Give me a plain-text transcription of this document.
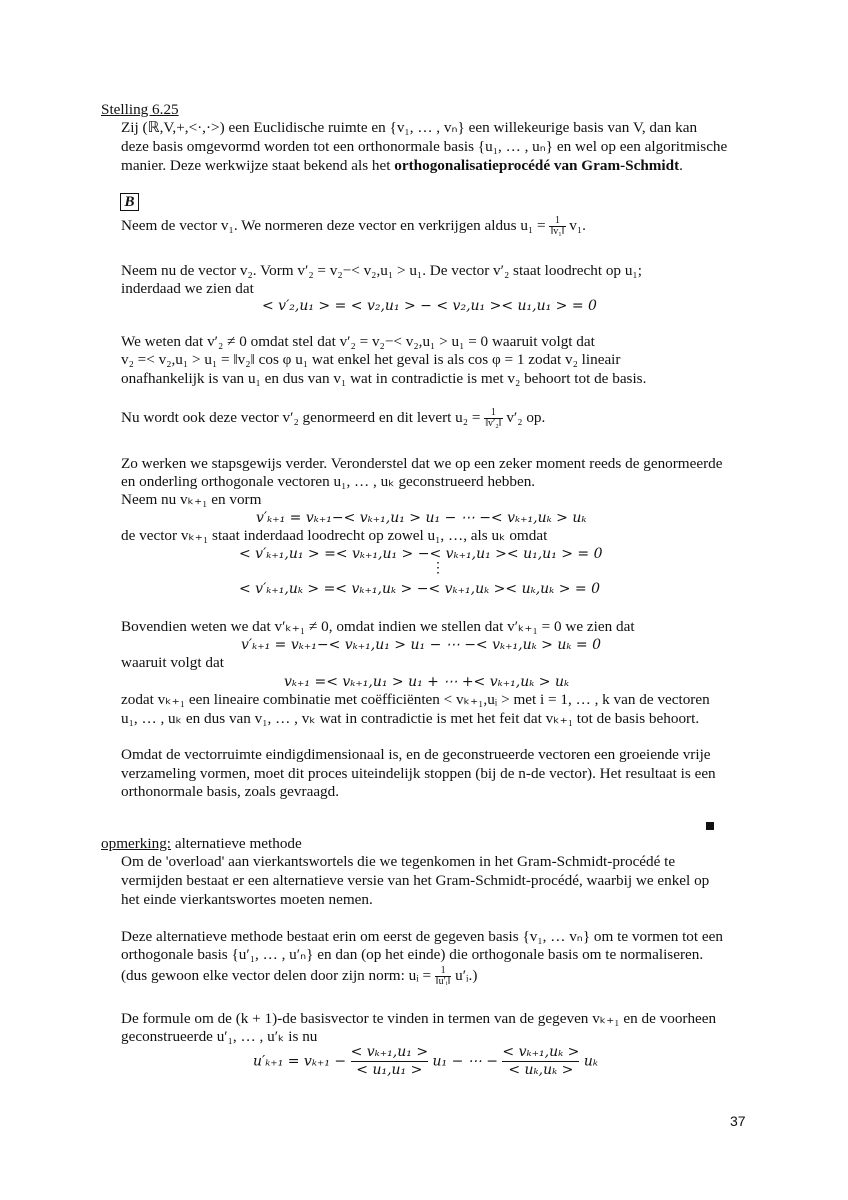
Stelling 6.25
Zij (ℝ,V,+,<·,·>) een Euclidische ruimte en {v₁, … , vₙ} een willekeurige basis van V, dan kan
deze basis omgevormd worden tot een orthonormale basis {u₁, … , uₙ} en wel op een algoritmische
manier. Deze werkwijze staat bekend als het orthogonalisatieprocédé van Gram-Schmidt.
B
Neem de vector v₁. We normeren deze vector en verkrijgen aldus $u_1 = \frac{1}{\text{‖v₁‖}} v_1$.
Neem nu de vector v₂. Vorm v′₂ = v₂−< v₂,u₁ > u₁. De vector v′₂ staat loodrecht op u₁;
inderdaad we zien dat
< v′₂,u₁ > = < v₂,u₁ > − < v₂,u₁ >< u₁,u₁ > = 0
We weten dat v′₂ ≠ 0 omdat stel dat v′₂ = v₂−< v₂,u₁ > u₁ = 0 waaruit volgt dat
v₂ =< v₂,u₁ > u₁ = ‖v₂‖ cos φ u₁ wat enkel het geval is als cos φ = 1 zodat v₂ lineair
onafhankelijk is van u₁ en dus van v₁ wat in contradictie is met v₂ behoort tot de basis.
Nu wordt ook deze vector v′₂ genormeerd en dit levert $u_2 = \frac{1}{\text{‖v′₂‖}} v'_2$ op.
Zo werken we stapsgewijs verder. Veronderstel dat we op een zeker moment reeds de genormeerde
en onderling orthogonale vectoren u₁, … , uₖ geconstrueerd hebben.
Neem nu vₖ₊₁ en vorm
v′ₖ₊₁ = vₖ₊₁−< vₖ₊₁,u₁ > u₁ − ⋯ −< vₖ₊₁,uₖ > uₖ
de vector vₖ₊₁ staat inderdaad loodrecht op zowel u₁, …, als uₖ omdat
< v′ₖ₊₁,u₁ > =< vₖ₊₁,u₁ > −< vₖ₊₁,u₁ >< u₁,u₁ > = 0
⋮
< v′ₖ₊₁,uₖ > =< vₖ₊₁,uₖ > −< vₖ₊₁,uₖ >< uₖ,uₖ > = 0
Bovendien weten we dat v′ₖ₊₁ ≠ 0, omdat indien we stellen dat v′ₖ₊₁ = 0 we zien dat
v′ₖ₊₁ = vₖ₊₁−< vₖ₊₁,u₁ > u₁ − ⋯ −< vₖ₊₁,uₖ > uₖ = 0
waaruit volgt dat
vₖ₊₁ =< vₖ₊₁,u₁ > u₁ + ⋯ +< vₖ₊₁,uₖ > uₖ
zodat vₖ₊₁ een lineaire combinatie met coëfficiënten < vₖ₊₁,uᵢ > met i = 1, … , k van de vectoren
u₁, … , uₖ en dus van v₁, … , vₖ wat in contradictie is met het feit dat vₖ₊₁ tot de basis behoort.
Omdat de vectorruimte eindigdimensionaal is, en de geconstrueerde vectoren een groeiende vrije
verzameling vormen, moet dit proces uiteindelijk stoppen (bij de n-de vector). Het resultaat is een
orthonormale basis, zoals gevraagd.
opmerking: alternatieve methode
Om de 'overload' aan vierkantswortels die we tegenkomen in het Gram-Schmidt-procédé te
vermijden bestaat er een alternatieve versie van het Gram-Schmidt-procédé, waarbij we enkel op
het einde vierkantswortes moeten nemen.
Deze alternatieve methode bestaat erin om eerst de gegeven basis {v₁, … vₙ} om te vormen tot een
orthogonale basis {u′₁, … , u′ₙ} en dan (op het einde) die orthogonale basis om te normaliseren.
(dus gewoon elke vector delen door zijn norm: uᵢ = $\frac{1}{\text{‖u′ᵢ‖}}$ u′ᵢ.)
De formule om de (k + 1)-de basisvector te vinden in termen van de gegeven vₖ₊₁ en de voorheen
geconstrueerde u′₁, … , u′ₖ is nu
$u'_{k+1} = v_{k+1} - \frac{\text{< vₖ₊₁,u₁ >}}{\text{< u₁,u₁ >}} u_1$ − ⋯ − $\frac{\text{< vₖ₊₁,uₖ >}}{\text{< uₖ,uₖ >}}$ uₖ
37
